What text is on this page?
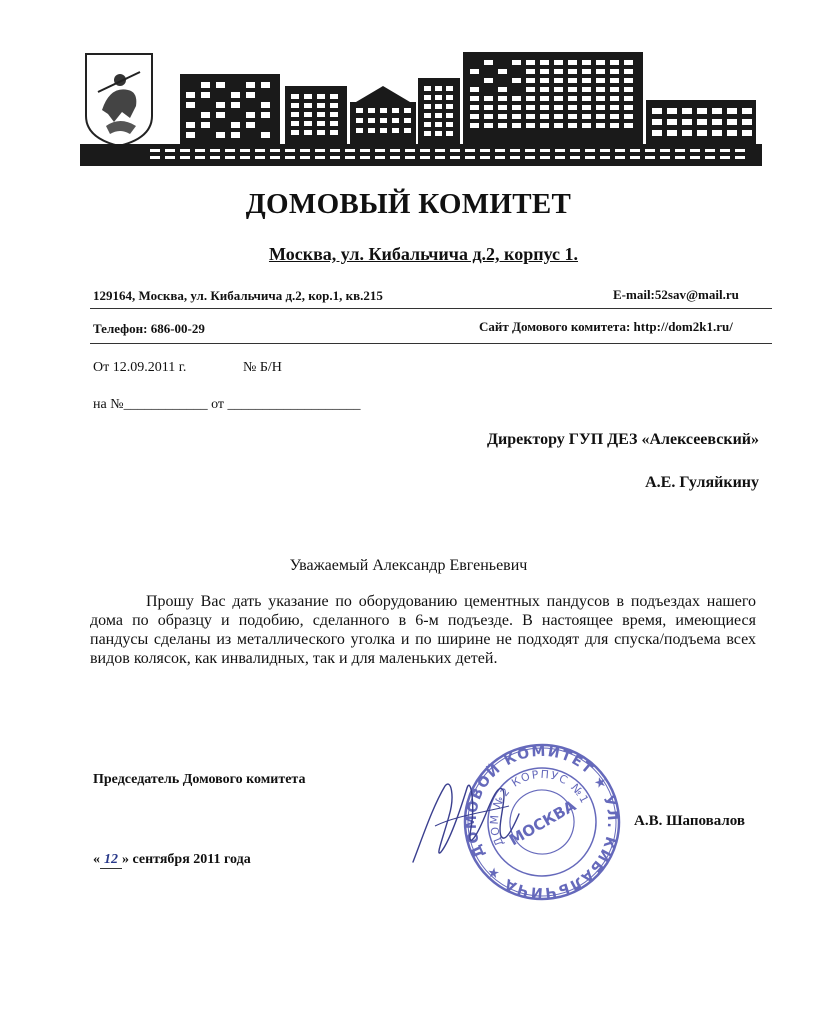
ДОМОВЫЙ КОМИТЕТ
Москва, ул. Кибальчича д.2, корпус 1.
129164, Москва, ул. Кибальчича д.2, кор.1, кв.215	E-mail:52sav@mail.ru
Телефон: 686-00-29	Сайт Домового комитета: http://dom2k1.ru/
От 12.09.2011 г.	№ Б/Н
на №____________ от ___________________
Директору ГУП ДЕЗ «Алексеевский»
А.Е. Гуляйкину
Уважаемый Александр Евгеньевич
Прошу Вас дать указание по оборудованию цементных пандусов в подъездах нашего дома по образцу и подобию, сделанного в 6-м подъезде. В настоящее время, имеющиеся пандусы сделаны из металлического уголка и по ширине не подходят для спуска/подъема всех видов колясок, как инвалидных, так и для маленьких детей.
Председатель Домового комитета
А.В. Шаповалов
« 12 » сентября 2011 года	ДОМОВОЙ КОМИТЕТ ★ УЛ. КИБАЛЬЧИЧА ★
ДОМ №2 КОРПУС №1
МОСКВА
